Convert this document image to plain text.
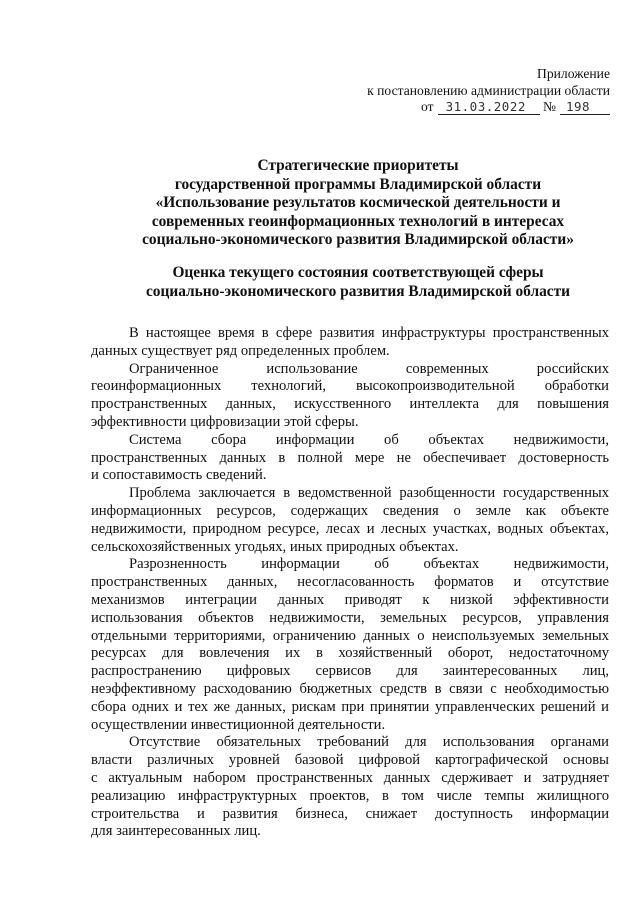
Приложение
к постановлению администрации области
от 31.03.2022 № 198
Стратегические приоритеты
государственной программы Владимирской области
«Использование результатов космической деятельности и
современных геоинформационных технологий в интересах
социально-экономического развития Владимирской области»
Оценка текущего состояния соответствующей сферы
социально-экономического развития Владимирской области
В настоящее время в сфере развития инфраструктуры пространственных
данных существует ряд определенных проблем.
Ограниченное использование современных российских
геоинформационных технологий, высокопроизводительной обработки
пространственных данных, искусственного интеллекта для повышения
эффективности цифровизации этой сферы.
Система сбора информации об объектах недвижимости,
пространственных данных в полной мере не обеспечивает достоверность
и сопоставимость сведений.
Проблема заключается в ведомственной разобщенности государственных
информационных ресурсов, содержащих сведения о земле как объекте
недвижимости, природном ресурсе, лесах и лесных участках, водных объектах,
сельскохозяйственных угодьях, иных природных объектах.
Разрозненность информации об объектах недвижимости,
пространственных данных, несогласованность форматов и отсутствие
механизмов интеграции данных приводят к низкой эффективности
использования объектов недвижимости, земельных ресурсов, управления
отдельными территориями, ограничению данных о неиспользуемых земельных
ресурсах для вовлечения их в хозяйственный оборот, недостаточному
распространению цифровых сервисов для заинтересованных лиц,
неэффективному расходованию бюджетных средств в связи с необходимостью
сбора одних и тех же данных, рискам при принятии управленческих решений и
осуществлении инвестиционной деятельности.
Отсутствие обязательных требований для использования органами
власти различных уровней базовой цифровой картографической основы
с актуальным набором пространственных данных сдерживает и затрудняет
реализацию инфраструктурных проектов, в том числе темпы жилищного
строительства и развития бизнеса, снижает доступность информации
для заинтересованных лиц.
